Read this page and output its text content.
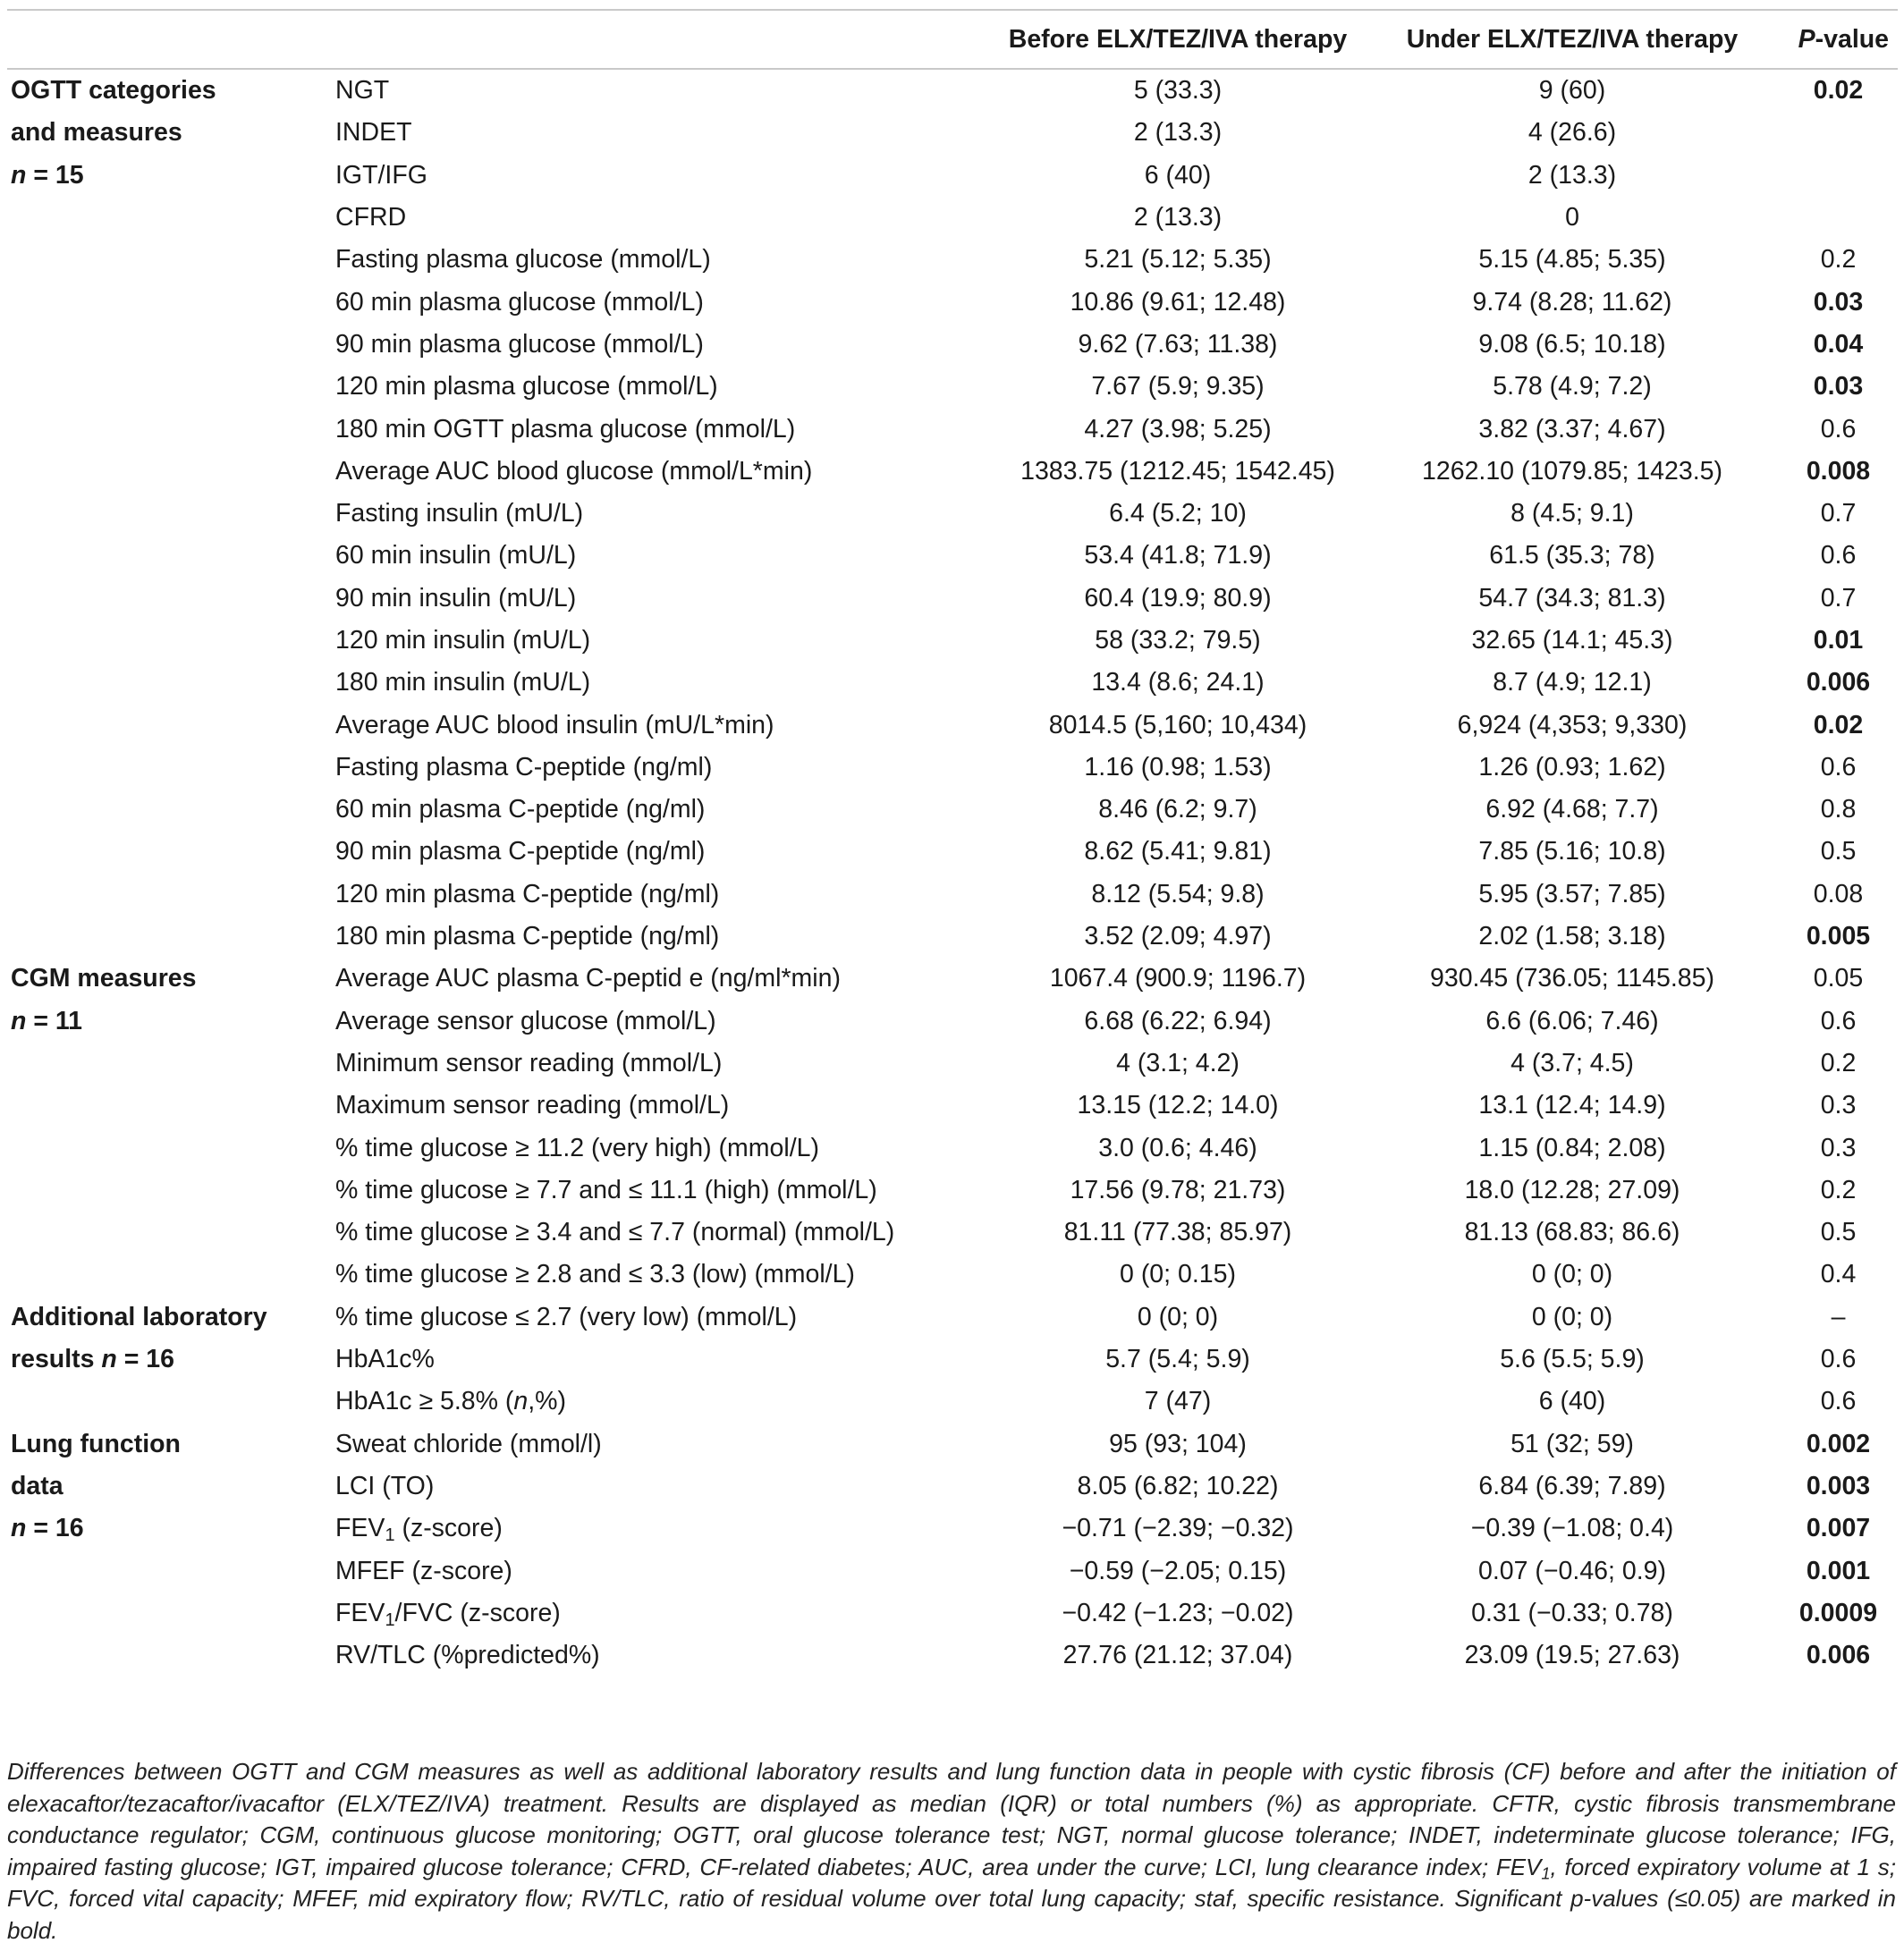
		Before ELX/TEZ/IVA therapy	Under ELX/TEZ/IVA therapy	P-value

OGTT categories
and measures
n = 15	NGT	5 (33.3)	9 (60)	0.02
	INDET	2 (13.3)	4 (26.6)	
	IGT/IFG	6 (40)	2 (13.3)	
	CFRD	2 (13.3)	0	
	Fasting plasma glucose (mmol/L)	5.21 (5.12; 5.35)	5.15 (4.85; 5.35)	0.2
	60 min plasma glucose (mmol/L)	10.86 (9.61; 12.48)	9.74 (8.28; 11.62)	0.03
	90 min plasma glucose (mmol/L)	9.62 (7.63; 11.38)	9.08 (6.5; 10.18)	0.04
	120 min plasma glucose (mmol/L)	7.67 (5.9; 9.35)	5.78 (4.9; 7.2)	0.03
	180 min OGTT plasma glucose (mmol/L)	4.27 (3.98; 5.25)	3.82 (3.37; 4.67)	0.6
	Average AUC blood glucose (mmol/L*min)	1383.75 (1212.45; 1542.45)	1262.10 (1079.85; 1423.5)	0.008
	Fasting insulin (mU/L)	6.4 (5.2; 10)	8 (4.5; 9.1)	0.7
	60 min insulin (mU/L)	53.4 (41.8; 71.9)	61.5 (35.3; 78)	0.6
	90 min insulin (mU/L)	60.4 (19.9; 80.9)	54.7 (34.3; 81.3)	0.7
	120 min insulin (mU/L)	58 (33.2; 79.5)	32.65 (14.1; 45.3)	0.01
	180 min insulin (mU/L)	13.4 (8.6; 24.1)	8.7 (4.9; 12.1)	0.006
	Average AUC blood insulin (mU/L*min)	8014.5 (5,160; 10,434)	6,924 (4,353; 9,330)	0.02
	Fasting plasma C-peptide (ng/ml)	1.16 (0.98; 1.53)	1.26 (0.93; 1.62)	0.6
	60 min plasma C-peptide (ng/ml)	8.46 (6.2; 9.7)	6.92 (4.68; 7.7)	0.8
	90 min plasma C-peptide (ng/ml)	8.62 (5.41; 9.81)	7.85 (5.16; 10.8)	0.5
	120 min plasma C-peptide (ng/ml)	8.12 (5.54; 9.8)	5.95 (3.57; 7.85)	0.08
	180 min plasma C-peptide (ng/ml)	3.52 (2.09; 4.97)	2.02 (1.58; 3.18)	0.005

CGM measures
n = 11	Average AUC plasma C-peptid e (ng/ml*min)	1067.4 (900.9; 1196.7)	930.45 (736.05; 1145.85)	0.05
	Average sensor glucose (mmol/L)	6.68 (6.22; 6.94)	6.6 (6.06; 7.46)	0.6
	Minimum sensor reading (mmol/L)	4 (3.1; 4.2)	4 (3.7; 4.5)	0.2
	Maximum sensor reading (mmol/L)	13.15 (12.2; 14.0)	13.1 (12.4; 14.9)	0.3
	% time glucose ≥ 11.2 (very high) (mmol/L)	3.0 (0.6; 4.46)	1.15 (0.84; 2.08)	0.3
	% time glucose ≥ 7.7 and ≤ 11.1 (high) (mmol/L)	17.56 (9.78; 21.73)	18.0 (12.28; 27.09)	0.2
	% time glucose ≥ 3.4 and ≤ 7.7 (normal) (mmol/L)	81.11 (77.38; 85.97)	81.13 (68.83; 86.6)	0.5
	% time glucose ≥ 2.8 and ≤ 3.3 (low) (mmol/L)	0 (0; 0.15)	0 (0; 0)	0.4

Additional laboratory
results n = 16	% time glucose ≤ 2.7 (very low) (mmol/L)	0 (0; 0)	0 (0; 0)	–
	HbA1c%	5.7 (5.4; 5.9)	5.6 (5.5; 5.9)	0.6
	HbA1c ≥ 5.8% (n,%)	7 (47)	6 (40)	0.6

Lung function
data
n = 16	Sweat chloride (mmol/l)	95 (93; 104)	51 (32; 59)	0.002
	LCI (TO)	8.05 (6.82; 10.22)	6.84 (6.39; 7.89)	0.003
	$FEV_1$ (z-score)	−0.71 (−2.39; −0.32)	−0.39 (−1.08; 0.4)	0.007
	MFEF (z-score)	−0.59 (−2.05; 0.15)	0.07 (−0.46; 0.9)	0.001
	$FEV_1$/FVC (z-score)	−0.42 (−1.23; −0.02)	0.31 (−0.33; 0.78)	0.0009
	RV/TLC (%predicted%)	27.76 (21.12; 37.04)	23.09 (19.5; 27.63)	0.006
Differences between OGTT and CGM measures as well as additional laboratory results and lung function data in people with cystic fibrosis (CF) before and after the initiation of elexacaftor/tezacaftor/ivacaftor (ELX/TEZ/IVA) treatment. Results are displayed as median (IQR) or total numbers (%) as appropriate. CFTR, cystic fibrosis transmembrane conductance regulator; CGM, continuous glucose monitoring; OGTT, oral glucose tolerance test; NGT, normal glucose tolerance; INDET, indeterminate glucose tolerance; IFG, impaired fasting glucose; IGT, impaired glucose tolerance; CFRD, CF-related diabetes; AUC, area under the curve; LCI, lung clearance index; $FEV_1$, forced expiratory volume at 1 s; FVC, forced vital capacity; MFEF, mid expiratory flow; RV/TLC, ratio of residual volume over total lung capacity; staf, specific resistance. Significant p-values (≤0.05) are marked in bold.
